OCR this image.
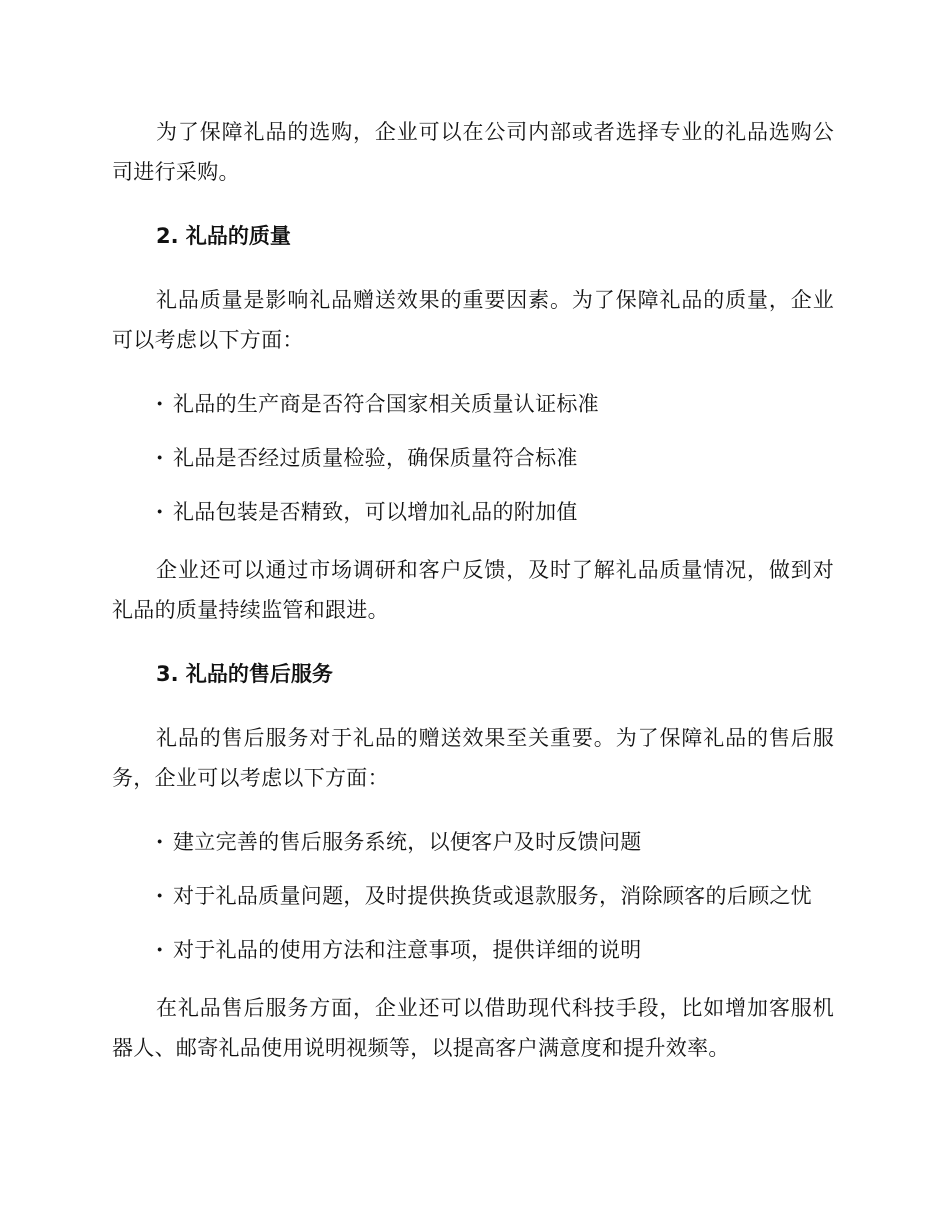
为了保障礼品的选购，企业可以在公司内部或者选择专业的礼品选购公司进行采购。

2. 礼品的质量

礼品质量是影响礼品赠送效果的重要因素。为了保障礼品的质量，企业可以考虑以下方面：

· 礼品的生产商是否符合国家相关质量认证标准
· 礼品是否经过质量检验，确保质量符合标准
· 礼品包装是否精致，可以增加礼品的附加值

企业还可以通过市场调研和客户反馈，及时了解礼品质量情况，做到对礼品的质量持续监管和跟进。

3. 礼品的售后服务

礼品的售后服务对于礼品的赠送效果至关重要。为了保障礼品的售后服务，企业可以考虑以下方面：

· 建立完善的售后服务系统，以便客户及时反馈问题
· 对于礼品质量问题，及时提供换货或退款服务，消除顾客的后顾之忧
· 对于礼品的使用方法和注意事项，提供详细的说明

在礼品售后服务方面，企业还可以借助现代科技手段，比如增加客服机器人、邮寄礼品使用说明视频等，以提高客户满意度和提升效率。
